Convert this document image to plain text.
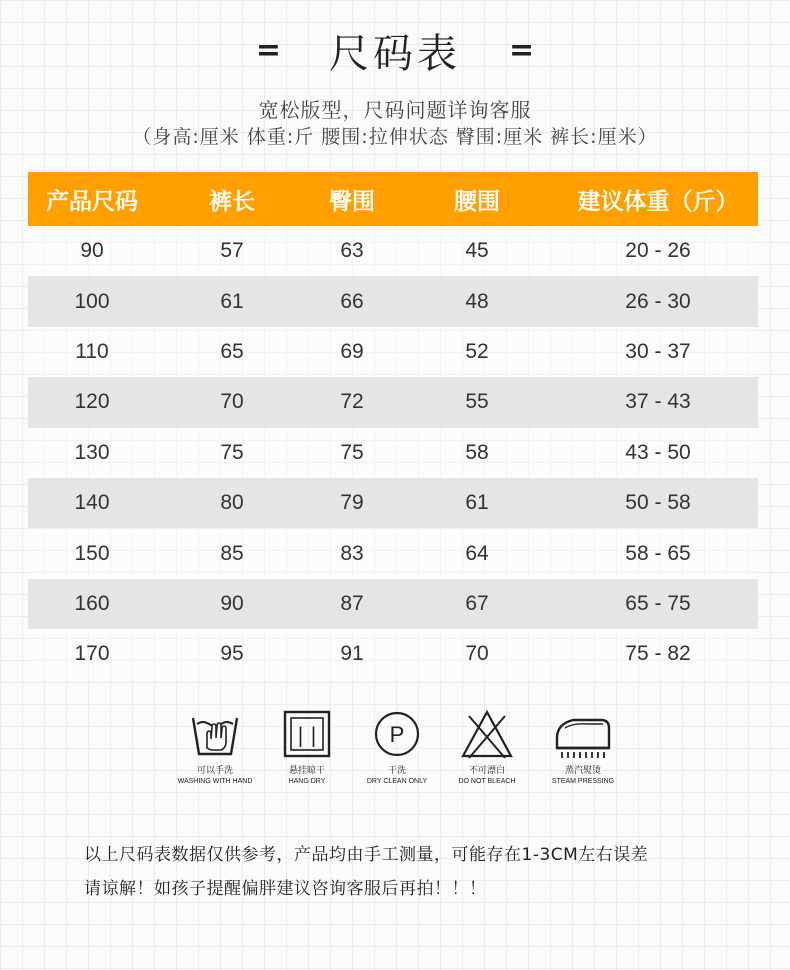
= 尺码表 =
宽松版型，尺码问题详询客服
（身高:厘米 体重:斤 腰围:拉伸状态 臀围:厘米 裤长:厘米）
产品尺码	裤长	臀围	腰围	建议体重（斤）
90	57	63	45	20 - 26
100	61	66	48	26 - 30
110	65	69	52	30 - 37
120	70	72	55	37 - 43
130	75	75	58	43 - 50
140	80	79	61	50 - 58
150	85	83	64	58 - 65
160	90	87	67	65 - 75
170	95	91	70	75 - 82
可以手洗
WASHING WITH HAND
| |
悬挂晾干
HANG DRY
P
干洗
DRY CLEAN ONLY
不可漂白
DO NOT BLEACH
蒸汽熨烫
STEAM PRESSING
以上尺码表数据仅供参考，产品均由手工测量，可能存在1-3CM左右误差
请谅解！如孩子提醒偏胖建议咨询客服后再拍！！！
